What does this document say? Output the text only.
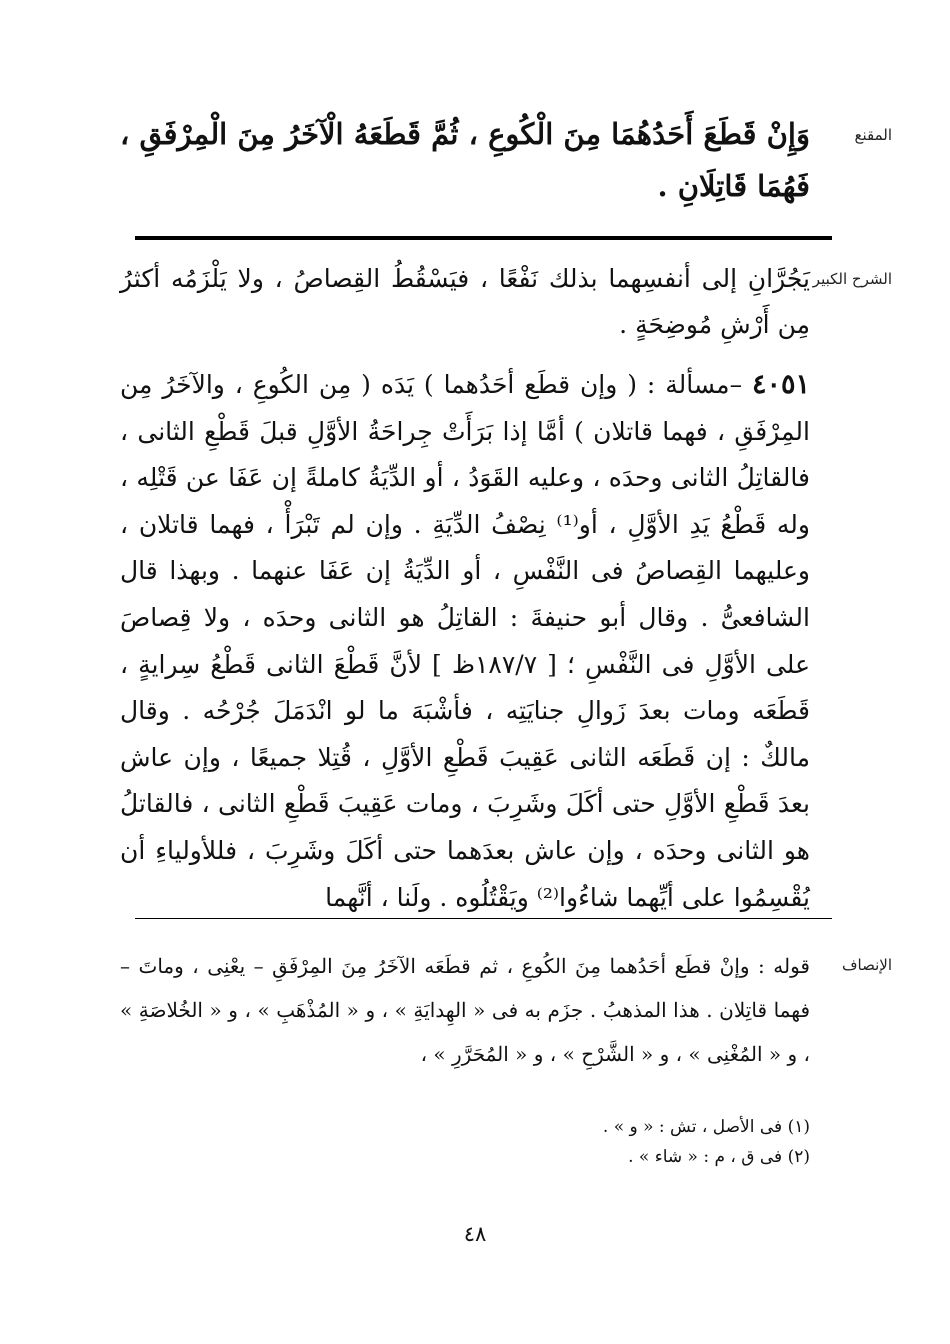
المقنع
وَإِنْ قَطَعَ أَحَدُهُمَا مِنَ الْكُوعِ ، ثُمَّ قَطَعَهُ الْآخَرُ مِنَ الْمِرْفَقِ ، فَهُمَا قَاتِلَانِ .
الشرح الكبير
يَجُرَّانِ إلى أنفسِهما بذلك نَفْعًا ، فيَسْقُطُ القِصاصُ ، ولا يَلْزَمُه أكثرُ مِن أَرْشِ مُوضِحَةٍ .

٤٠٥١ –مسألة : ( وإن قطَع أحَدُهما ) يَدَه ( مِن الكُوعِ ، والآخَرُ مِن المِرْفَقِ ، فهما قاتلان ) أمَّا إذا بَرَأَتْ جِراحَةُ الأوَّلِ قبلَ قَطْعِ الثانى ، فالقاتِلُ الثانى وحدَه ، وعليه القَوَدُ ، أو الدِّيَةُ كاملةً إن عَفَا عن قَتْلِه ، وله قَطْعُ يَدِ الأوَّلِ ، أو⁽¹⁾ نِصْفُ الدِّيَةِ . وإن لم تَبْرَأْ ، فهما قاتلان ، وعليهما القِصاصُ فى النَّفْسِ ، أو الدِّيَةُ إن عَفَا عنهما . وبهذا قال الشافعىُّ . وقال أبو حنيفةَ : القاتِلُ هو الثانى وحدَه ، ولا قِصاصَ على الأوَّلِ فى النَّفْسِ ؛ [ ١٨٧/٧ظ ] لأنَّ قَطْعَ الثانى قَطْعُ سِرايةٍ ، قَطَعَه ومات بعدَ زَوالِ جنايَتِه ، فأشْبَهَ ما لو انْدَمَلَ جُرْحُه . وقال مالكٌ : إن قَطَعَه الثانى عَقِيبَ قَطْعِ الأوَّلِ ، قُتِلا جميعًا ، وإن عاش بعدَ قَطْعِ الأوَّلِ حتى أكَلَ وشَرِبَ ، ومات عَقِيبَ قَطْعِ الثانى ، فالقاتلُ هو الثانى وحدَه ، وإن عاش بعدَهما حتى أكَلَ وشَرِبَ ، فللأولياءِ أن يُقْسِمُوا على أيِّهما شاءُوا⁽²⁾ ويَقْتُلُوه . ولَنا ، أنَّهما

الإنصاف
قوله : وإنْ قطَع أحَدُهما مِنَ الكُوعِ ، ثم قطَعَه الآخَرُ مِنَ المِرْفَقِ – يعْنِى ، وماتَ – فهما قاتِلان . هذا المذهبُ . جزَم به فى « الهِدايَةِ » ، و « المُذْهَبِ » ، و « الخُلاصَةِ » ، و « المُغْنِى » ، و « الشَّرْحِ » ، و « المُحَرَّرِ » ،
(١) فى الأصل ، تش : « و » .
(٢) فى ق ، م : « شاء » .
٤٨
